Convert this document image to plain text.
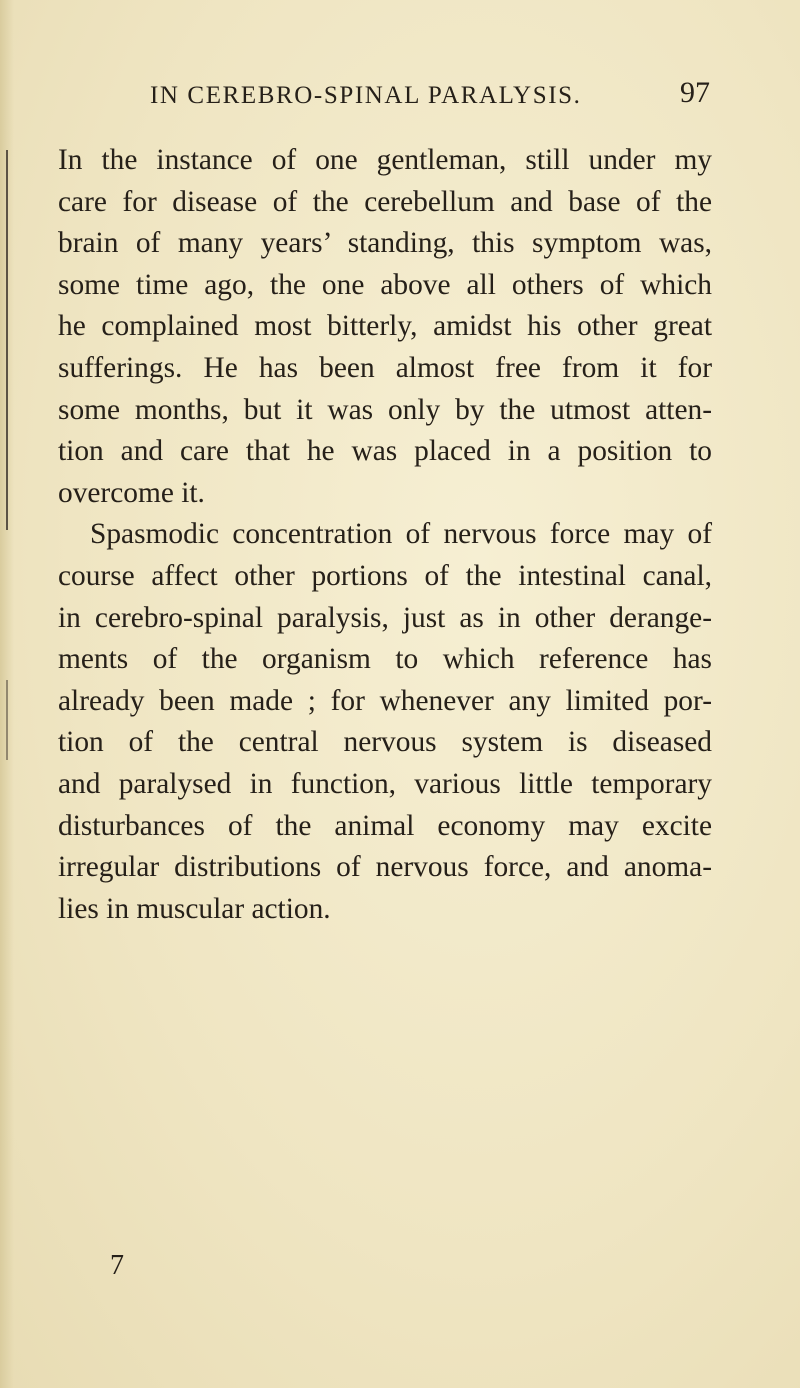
IN CEREBRO-SPINAL PARALYSIS.	97
In the instance of one gentleman, still under my
care for disease of the cerebellum and base of the
brain of many years’ standing, this symptom was,
some time ago, the one above all others of which
he complained most bitterly, amidst his other great
sufferings. He has been almost free from it for
some months, but it was only by the utmost atten-
tion and care that he was placed in a position to
overcome it.
Spasmodic concentration of nervous force may of
course affect other portions of the intestinal canal,
in cerebro-spinal paralysis, just as in other derange-
ments of the organism to which reference has
already been made ; for whenever any limited por-
tion of the central nervous system is diseased
and paralysed in function, various little temporary
disturbances of the animal economy may excite
irregular distributions of nervous force, and anoma-
lies in muscular action.
7
